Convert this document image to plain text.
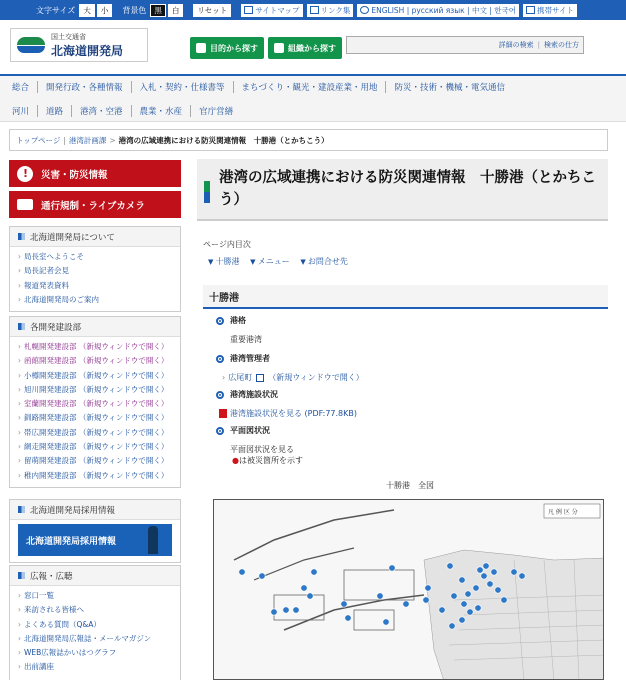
文字サイズ	大	小	背景色	黒	白	リセット	サイトマップ	リンク集	ENGLISH | русский язык | 中文 | 한국어	携帯サイト
国土交通省
北海道開発局	目的から探す	組織から探す	詳細の検索 | 検索の仕方
総合	開発行政・各種情報	入札・契約・仕様書等	まちづくり・観光・建設産業・用地	防災・技術・機械・電気通信
河川	道路	港湾・空港	農業・水産	官庁営繕
トップページ | 港湾計画課 > 港湾の広域連携における防災関連情報　十勝港（とかちこう）
! 災害・防災情報
通行規制・ライブカメラ
北海道開発局について
› 局長室へようこそ
› 局長記者会見
› 報道発表資料
› 北海道開発局のご案内
各開発建設部
› 札幌開発建設部 （新規ウィンドウで開く）
› 函館開発建設部 （新規ウィンドウで開く）
› 小樽開発建設部 （新規ウィンドウで開く）
› 旭川開発建設部 （新規ウィンドウで開く）
› 室蘭開発建設部 （新規ウィンドウで開く）
› 釧路開発建設部 （新規ウィンドウで開く）
› 帯広開発建設部 （新規ウィンドウで開く）
› 網走開発建設部 （新規ウィンドウで開く）
› 留萌開発建設部 （新規ウィンドウで開く）
› 稚内開発建設部 （新規ウィンドウで開く）
北海道開発局採用情報
北海道開発局採用情報
広報・広聴
› 窓口一覧
› 来訪される皆様へ
› よくある質問（Q&A）
› 北海道開発局広報誌・メールマガジン
› WEB広報誌かいはつグラフ
› 出前講座
港湾の広域連携における防災関連情報　十勝港（とかちこう）
ページ内目次
▼ 十勝港 ▼ メニュー ▼ お問合せ先
十勝港
港格
重要港湾
港湾管理者
› 広尾町 （新規ウィンドウで開く）
港湾施設状況
港湾施設状況を見る (PDF:77.8KB)
平面図状況
平面図状況を見る
●は被災箇所を示す
十勝港　全図
凡 例 区 分
